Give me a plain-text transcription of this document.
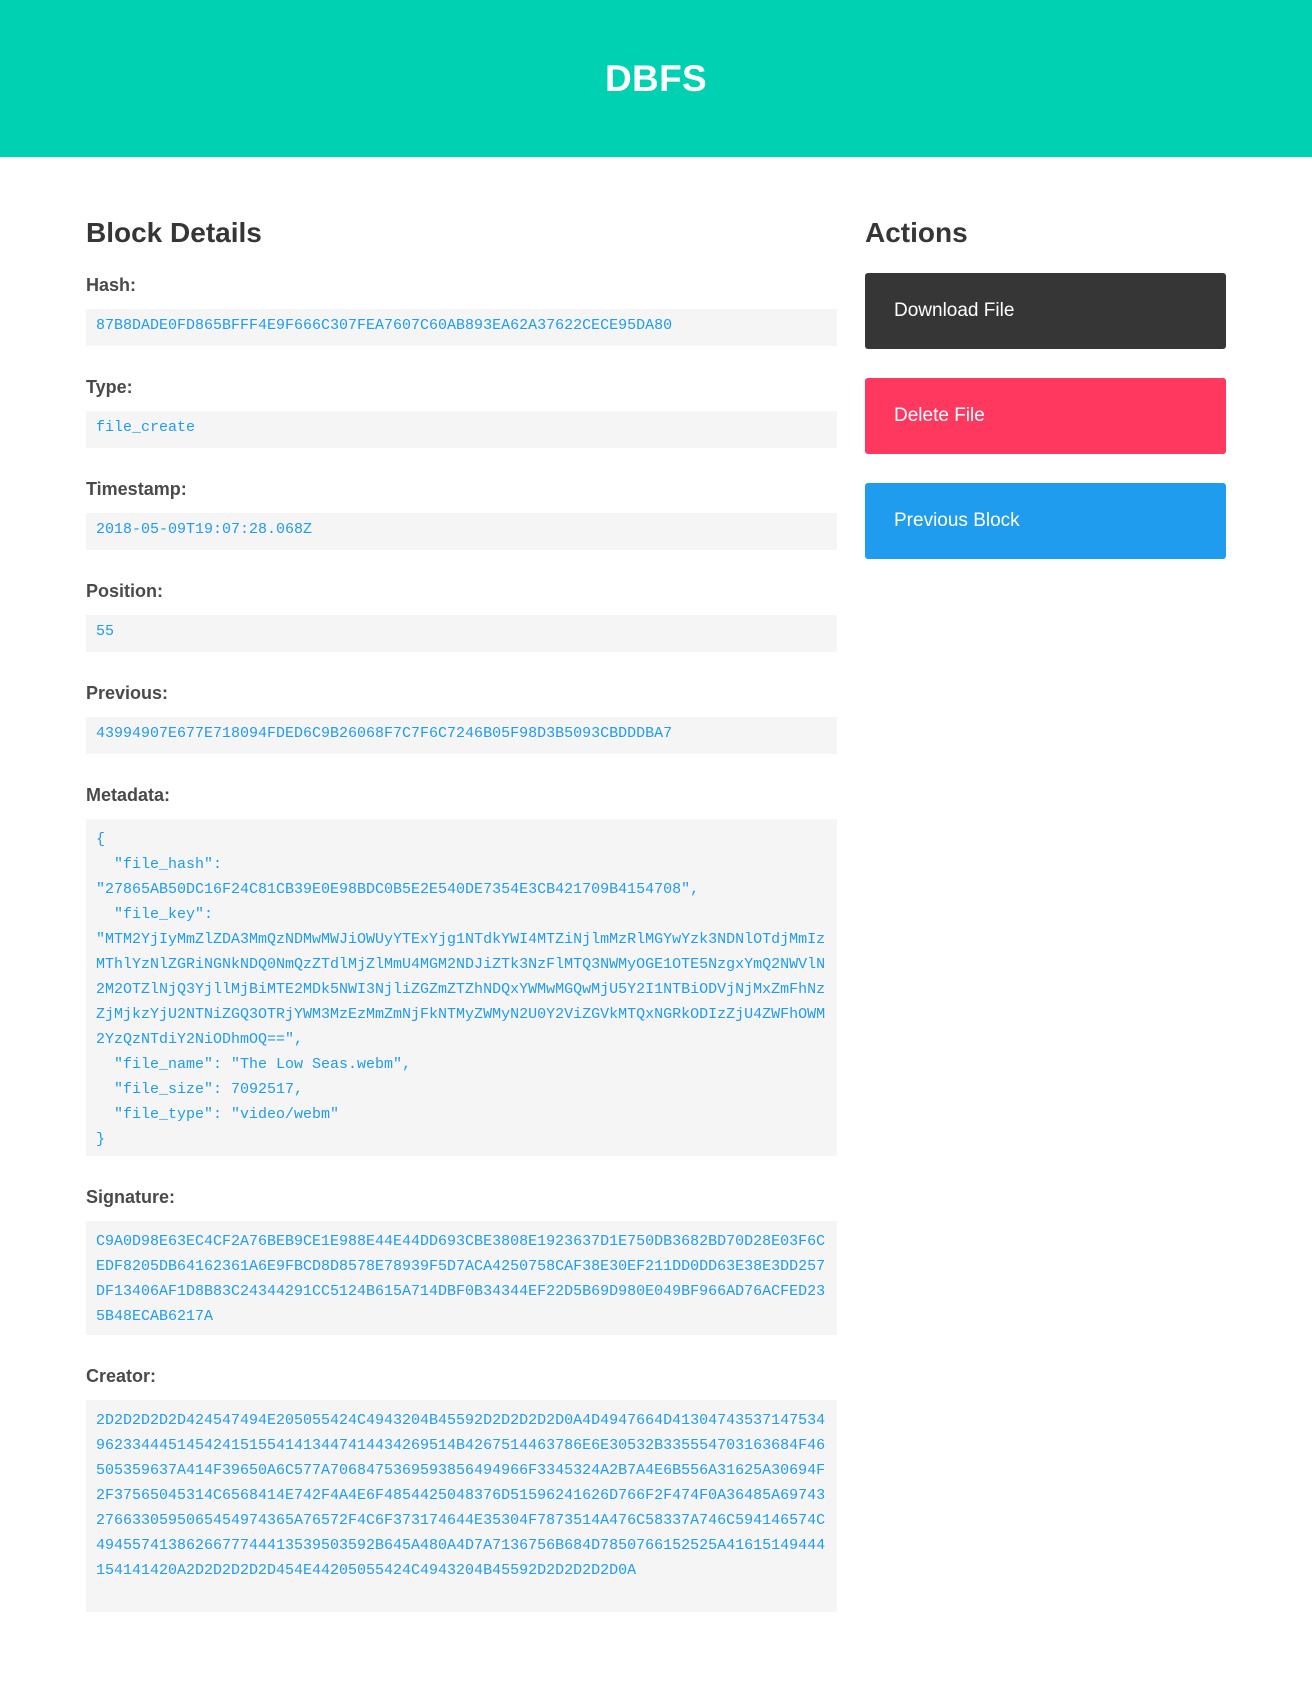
DBFS
Block Details
Hash:
87B8DADE0FD865BFFF4E9F666C307FEA7607C60AB893EA62A37622CECE95DA80
Type:
file_create
Timestamp:
2018-05-09T19:07:28.068Z
Position:
55
Previous:
43994907E677E718094FDED6C9B26068F7C7F6C7246B05F98D3B5093CBDDDBA7
Metadata:
{
"file_hash":
"27865AB50DC16F24C81CB39E0E98BDC0B5E2E540DE7354E3CB421709B4154708",
"file_key":
"MTM2YjIyMmZlZDA3MmQzNDMwMWJiOWUyYTExYjg1NTdkYWI4MTZiNjlmMzRlMGYwYzk3NDNlOTdjMmIzMThlYzNlZGRiNGNkNDQ0NmQzZTdlMjZlMmU4MGM2NDJiZTk3NzFlMTQ3NWMyOGE1OTE5NzgxYmQ2NWVlN2M2OTZlNjQ3YjllMjBiMTE2MDk5NWI3NjliZGZmZTZhNDQxYWMwMGQwMjU5Y2I1NTBiODVjNjMxZmFhNzZjMjkzYjU2NTNiZGQ3OTRjYWM3MzEzMmZmNjFkNTMyZWMyN2U0Y2ViZGVkMTQxNGRkODIzZjU4ZWFhOWM2YzQzNTdiY2NiODhmOQ==",
"file_name": "The Low Seas.webm",
"file_size": 7092517,
"file_type": "video/webm"
}
Signature:
C9A0D98E63EC4CF2A76BEB9CE1E988E44E44DD693CBE3808E1923637D1E750DB3682BD70D28E03F6CEDF8205DB64162361A6E9FBCD8D8578E78939F5D7ACA4250758CAF38E30EF211DD0DD63E38E3DD257DF13406AF1D8B83C24344291CC5124B615A714DBF0B34344EF22D5B69D980E049BF966AD76ACFED235B48ECAB6217A
Creator:
2D2D2D2D2D424547494E205055424C4943204B45592D2D2D2D2D0A4D4947664D413047435371475349623344451454241515541413447414434269514B4267514463786E6E30532B335554703163684F46505359637A414F39650A6C577A7068475369593856494966F3345324A2B7A4E6B556A31625A30694F2F37565045314C6568414E742F4A4E6F4854425048376D51596241626D766F2F474F0A36485A697432766330595065454974365A76572F4C6F373174644E35304F7873514A476C58337A746C594146574C4945574138626677744413539503592B645A480A4D7A7136756B684D7850766152525A41615149444154141420A2D2D2D2D2D454E44205055424C4943204B45592D2D2D2D2D0A
Actions
Download File
Delete File
Previous Block
